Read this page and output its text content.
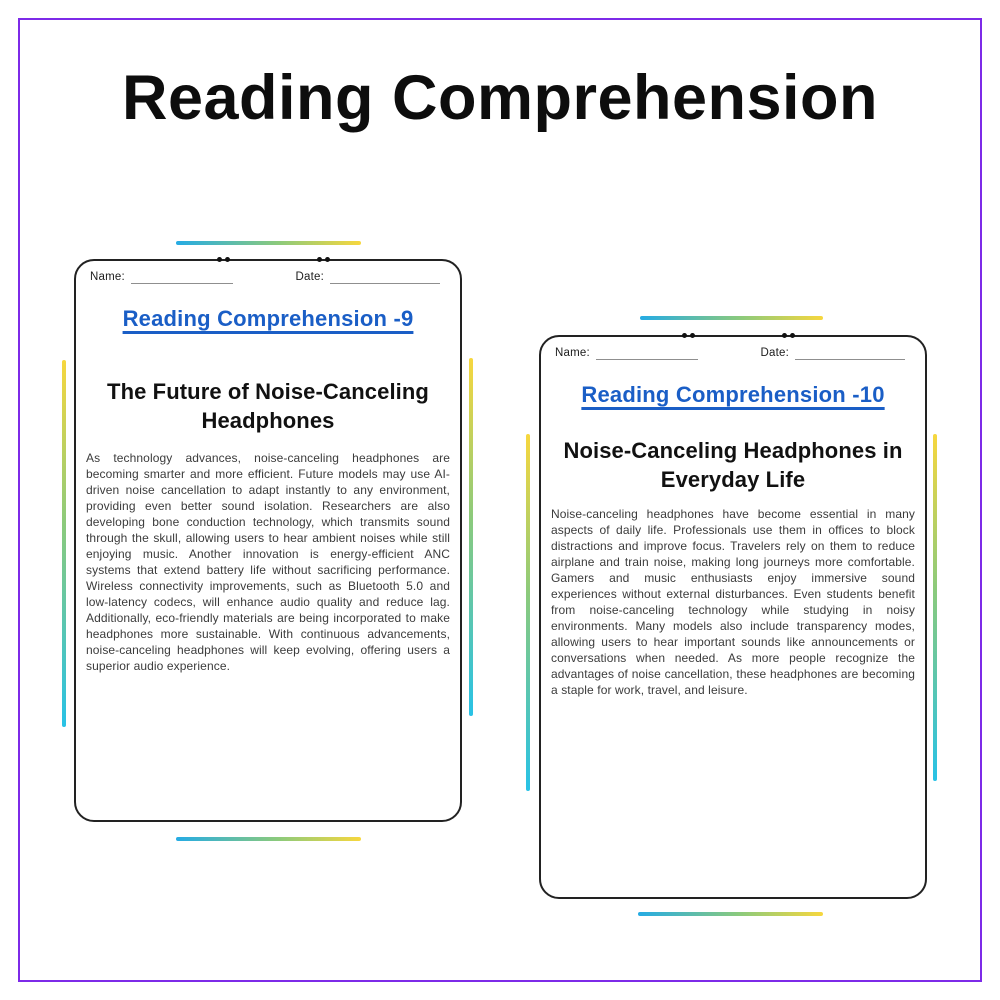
Reading Comprehension
Name:	Date:
Reading Comprehension -9
The Future of Noise-Canceling Headphones

As technology advances, noise-canceling headphones are becoming smarter and more efficient. Future models may use AI-driven noise cancellation to adapt instantly to any environment, providing even better sound isolation. Researchers are also developing bone conduction technology, which transmits sound through the skull, allowing users to hear ambient noises while still enjoying music. Another innovation is energy-efficient ANC systems that extend battery life without sacrificing performance. Wireless connectivity improvements, such as Bluetooth 5.0 and low-latency codecs, will enhance audio quality and reduce lag. Additionally, eco-friendly materials are being incorporated to make headphones more sustainable. With continuous advancements, noise-canceling headphones will keep evolving, offering users a superior audio experience.

Name:	Date:
Reading Comprehension -10
Noise-Canceling Headphones in Everyday Life

Noise-canceling headphones have become essential in many aspects of daily life. Professionals use them in offices to block distractions and improve focus. Travelers rely on them to reduce airplane and train noise, making long journeys more comfortable. Gamers and music enthusiasts enjoy immersive sound experiences without external disturbances. Even students benefit from noise-canceling technology while studying in noisy environments. Many models also include transparency modes, allowing users to hear important sounds like announcements or conversations when needed. As more people recognize the advantages of noise cancellation, these headphones are becoming a staple for work, travel, and leisure.
